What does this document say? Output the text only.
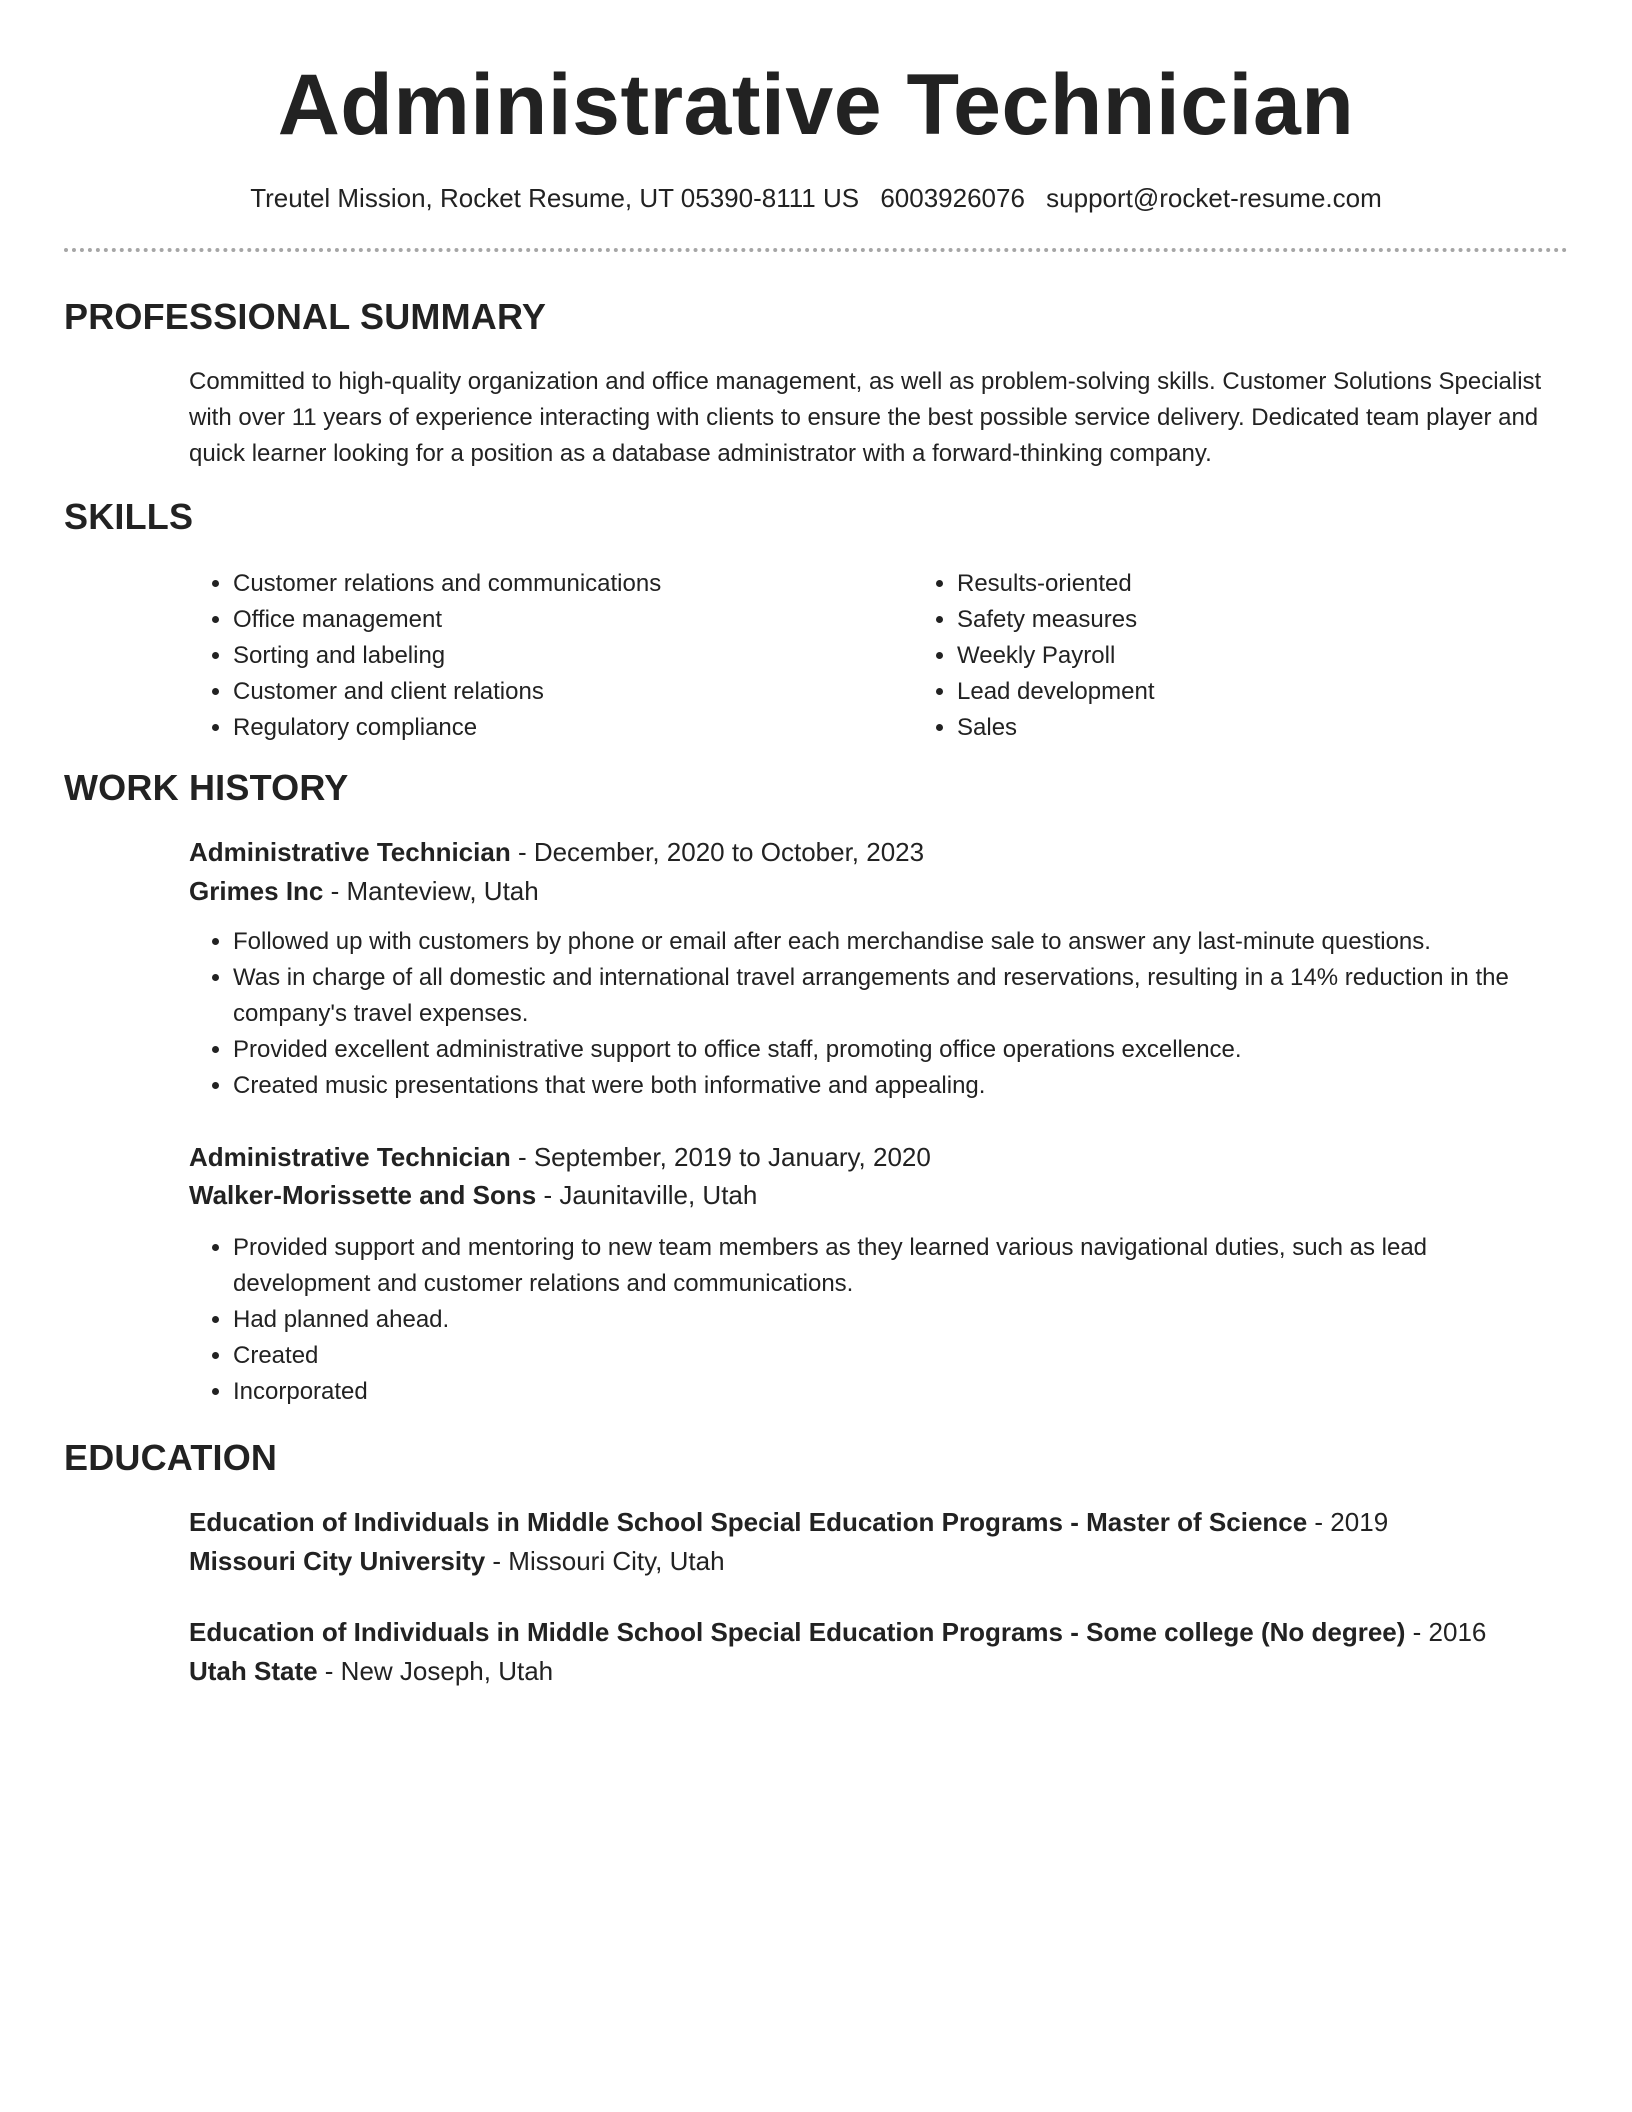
Administrative Technician
Treutel Mission, Rocket Resume, UT 05390-8111 US 6003926076 support@rocket-resume.com
PROFESSIONAL SUMMARY
Committed to high-quality organization and office management, as well as problem-solving skills. Customer Solutions Specialist with over 11 years of experience interacting with clients to ensure the best possible service delivery. Dedicated team player and quick learner looking for a position as a database administrator with a forward-thinking company.
SKILLS
• Customer relations and communications
• Office management
• Sorting and labeling
• Customer and client relations
• Regulatory compliance
• Results-oriented
• Safety measures
• Weekly Payroll
• Lead development
• Sales
WORK HISTORY
Administrative Technician - December, 2020 to October, 2023
Grimes Inc - Manteview, Utah
• Followed up with customers by phone or email after each merchandise sale to answer any last-minute questions.
• Was in charge of all domestic and international travel arrangements and reservations, resulting in a 14% reduction in the company's travel expenses.
• Provided excellent administrative support to office staff, promoting office operations excellence.
• Created music presentations that were both informative and appealing.
Administrative Technician - September, 2019 to January, 2020
Walker-Morissette and Sons - Jaunitaville, Utah
• Provided support and mentoring to new team members as they learned various navigational duties, such as lead development and customer relations and communications.
• Had planned ahead.
• Created
• Incorporated
EDUCATION
Education of Individuals in Middle School Special Education Programs - Master of Science - 2019
Missouri City University - Missouri City, Utah
Education of Individuals in Middle School Special Education Programs - Some college (No degree) - 2016
Utah State - New Joseph, Utah
